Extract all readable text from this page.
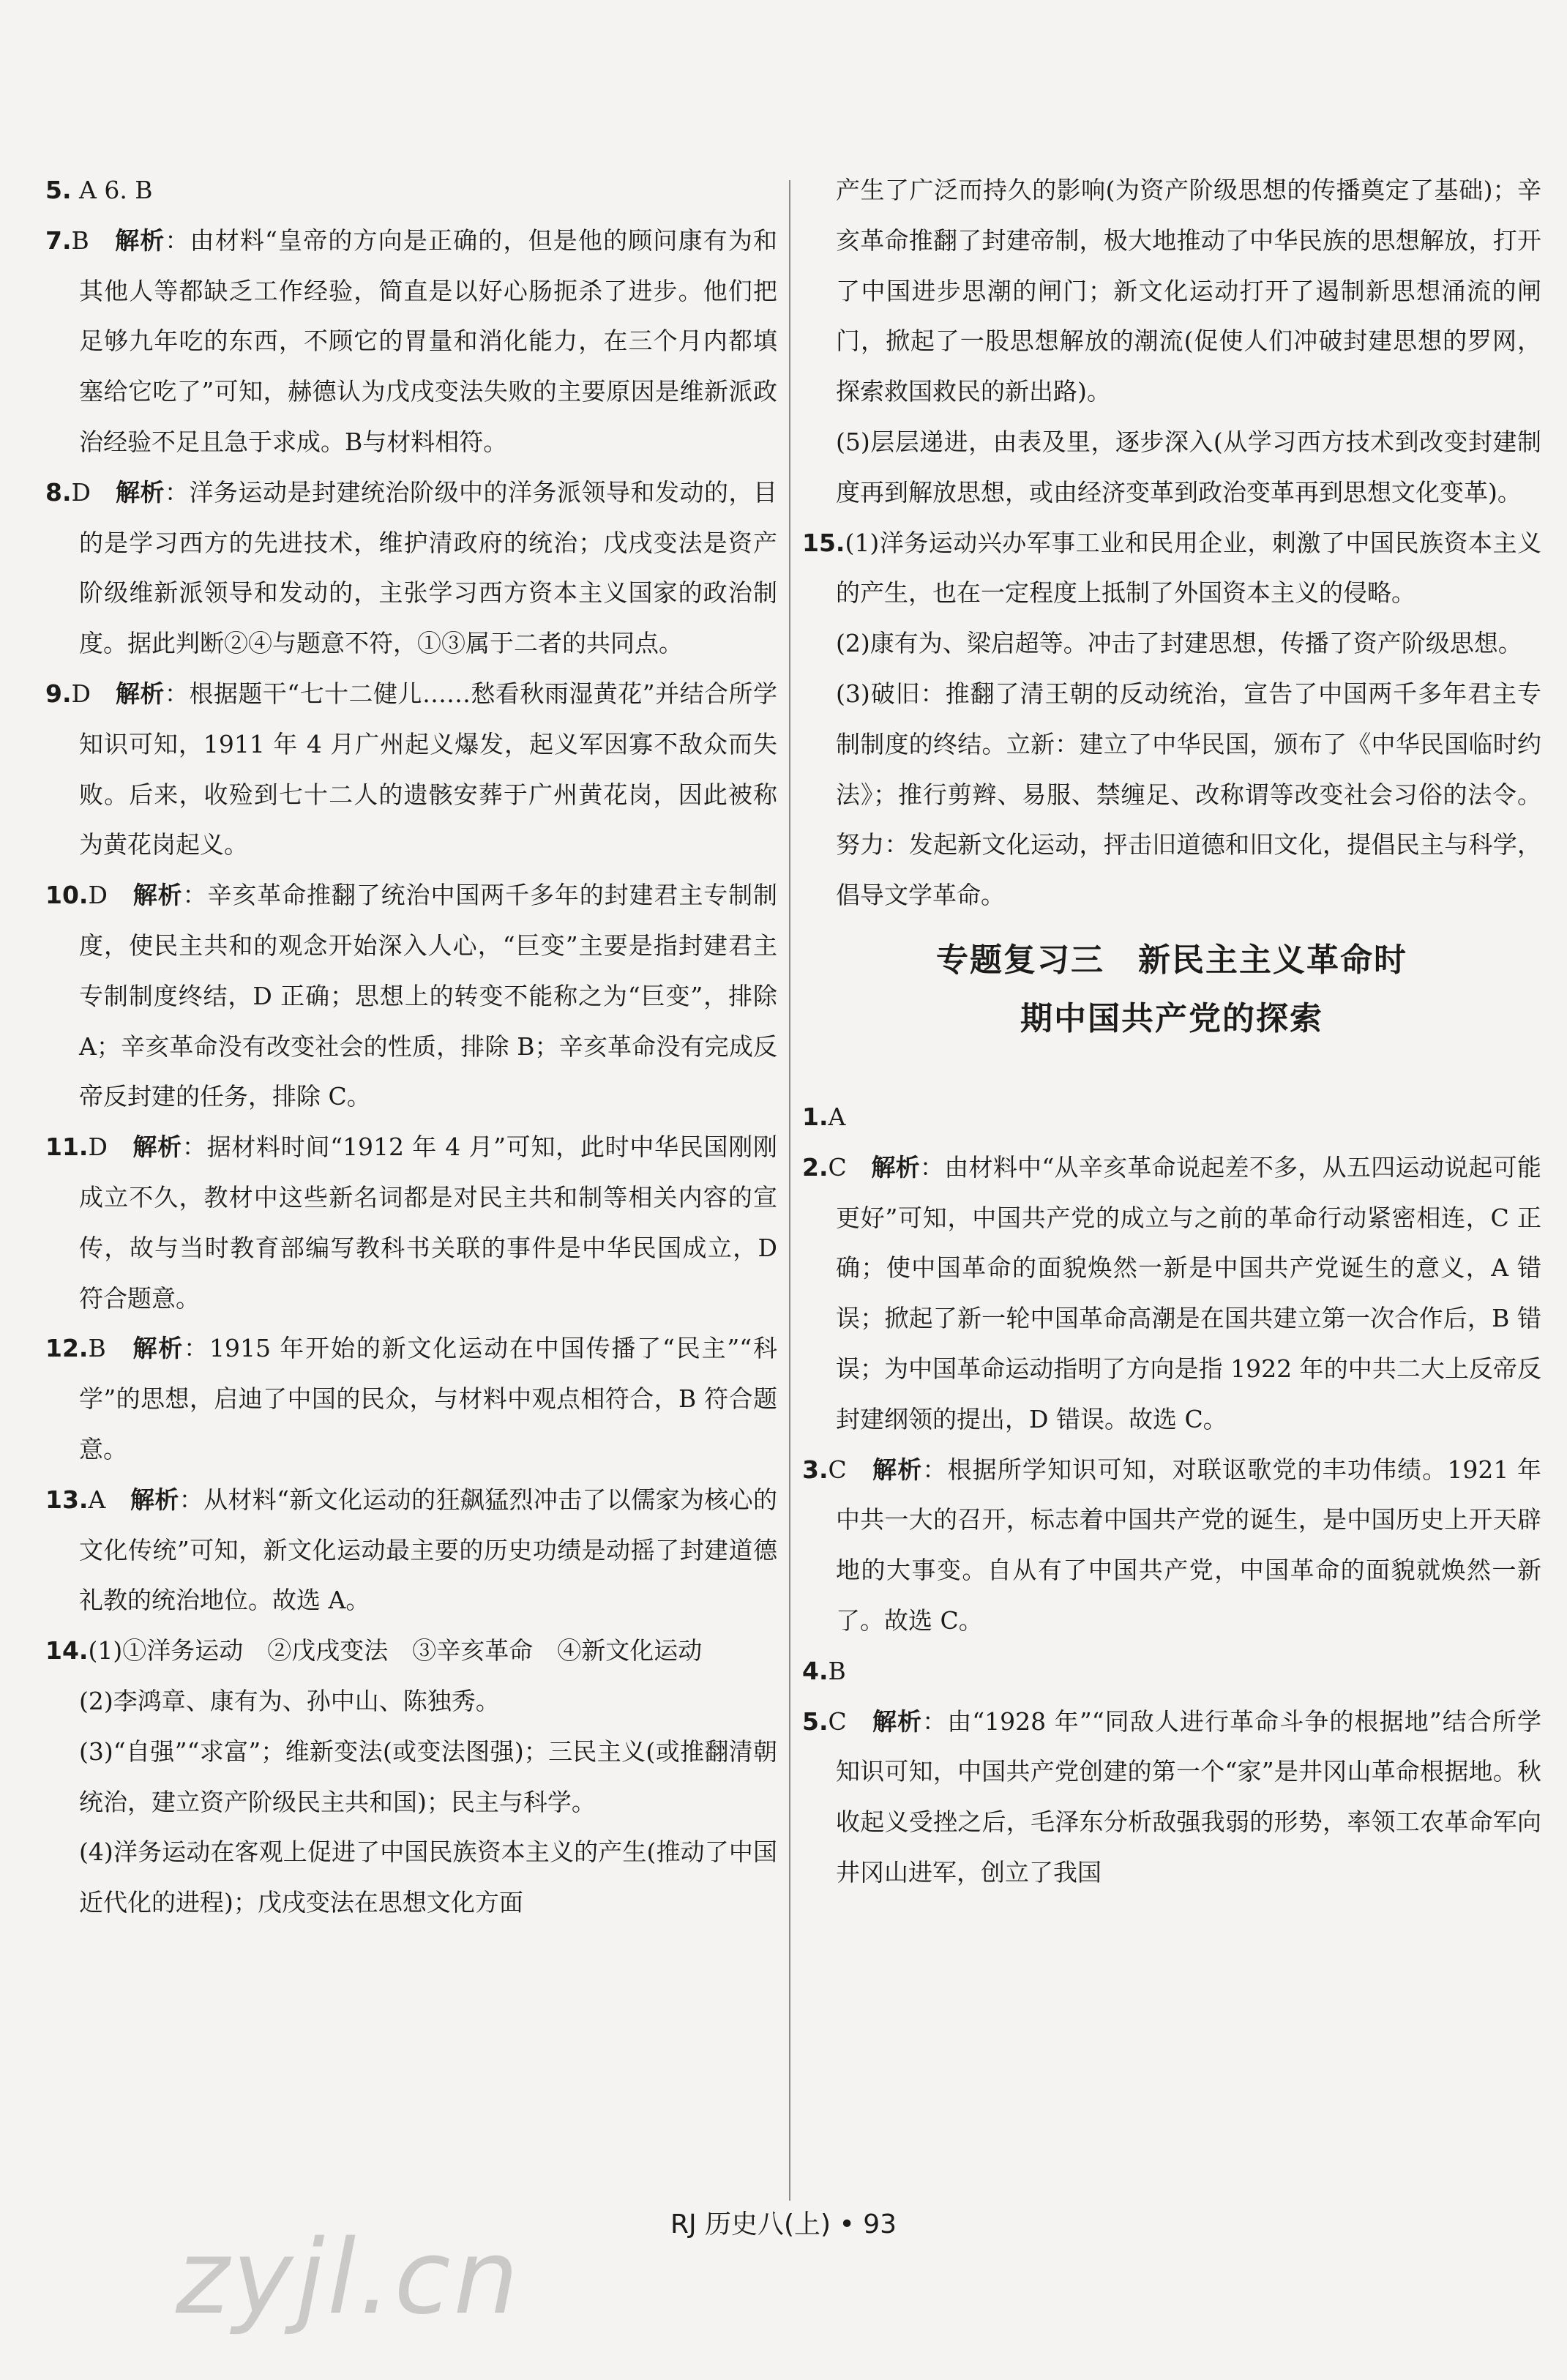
5. A 6. B

7.B　 解析：由材料“皇帝的方向是正确的，但是他的顾问康有为和其他人等都缺乏工作经验，简直是以好心肠扼杀了进步。他们把足够九年吃的东西，不顾它的胃量和消化能力，在三个月内都填塞给它吃了”可知，赫德认为戊戌变法失败的主要原因是维新派政治经验不足且急于求成。B与材料相符。

8.D　 解析：洋务运动是封建统治阶级中的洋务派领导和发动的，目的是学习西方的先进技术，维护清政府的统治；戊戌变法是资产阶级维新派领导和发动的，主张学习西方资本主义国家的政治制度。据此判断②④与题意不符，①③属于二者的共同点。

9.D　 解析：根据题干“七十二健儿……愁看秋雨湿黄花”并结合所学知识可知，1911 年 4 月广州起义爆发，起义军因寡不敌众而失败。后来，收殓到七十二人的遗骸安葬于广州黄花岗，因此被称为黄花岗起义。

10.D　 解析：辛亥革命推翻了统治中国两千多年的封建君主专制制度，使民主共和的观念开始深入人心，“巨变”主要是指封建君主专制制度终结，D 正确；思想上的转变不能称之为“巨变”，排除 A；辛亥革命没有改变社会的性质，排除 B；辛亥革命没有完成反帝反封建的任务，排除 C。

11.D　 解析：据材料时间“1912 年 4 月”可知，此时中华民国刚刚成立不久，教材中这些新名词都是对民主共和制等相关内容的宣传，故与当时教育部编写教科书关联的事件是中华民国成立，D 符合题意。

12.B　 解析：1915 年开始的新文化运动在中国传播了“民主”“科学”的思想，启迪了中国的民众，与材料中观点相符合，B 符合题意。

13.A　 解析：从材料“新文化运动的狂飙猛烈冲击了以儒家为核心的文化传统”可知，新文化运动最主要的历史功绩是动摇了封建道德礼教的统治地位。故选 A。

14.(1)①洋务运动　②戊戌变法　③辛亥革命　④新文化运动

(2)李鸿章、康有为、孙中山、陈独秀。

(3)“自强”“求富”；维新变法(或变法图强)；三民主义(或推翻清朝统治，建立资产阶级民主共和国)；民主与科学。

(4)洋务运动在客观上促进了中国民族资本主义的产生(推动了中国近代化的进程)；戊戌变法在思想文化方面

产生了广泛而持久的影响(为资产阶级思想的传播奠定了基础)；辛亥革命推翻了封建帝制，极大地推动了中华民族的思想解放，打开了中国进步思潮的闸门；新文化运动打开了遏制新思想涌流的闸门，掀起了一股思想解放的潮流(促使人们冲破封建思想的罗网，探索救国救民的新出路)。

(5)层层递进，由表及里，逐步深入(从学习西方技术到改变封建制度再到解放思想，或由经济变革到政治变革再到思想文化变革)。

15.(1)洋务运动兴办军事工业和民用企业，刺激了中国民族资本主义的产生，也在一定程度上抵制了外国资本主义的侵略。

(2)康有为、梁启超等。冲击了封建思想，传播了资产阶级思想。

(3)破旧：推翻了清王朝的反动统治，宣告了中国两千多年君主专制制度的终结。立新：建立了中华民国，颁布了《中华民国临时约法》；推行剪辫、易服、禁缠足、改称谓等改变社会习俗的法令。努力：发起新文化运动，抨击旧道德和旧文化，提倡民主与科学，倡导文学革命。

专题复习三　新民主主义革命时
期中国共产党的探索

1.A

2.C　 解析：由材料中“从辛亥革命说起差不多，从五四运动说起可能更好”可知，中国共产党的成立与之前的革命行动紧密相连，C 正确；使中国革命的面貌焕然一新是中国共产党诞生的意义，A 错误；掀起了新一轮中国革命高潮是在国共建立第一次合作后，B 错误；为中国革命运动指明了方向是指 1922 年的中共二大上反帝反封建纲领的提出，D 错误。故选 C。

3.C　 解析：根据所学知识可知，对联讴歌党的丰功伟绩。1921 年中共一大的召开，标志着中国共产党的诞生，是中国历史上开天辟地的大事变。自从有了中国共产党，中国革命的面貌就焕然一新了。故选 C。

4.B

5.C　 解析：由“1928 年”“同敌人进行革命斗争的根据地”结合所学知识可知，中国共产党创建的第一个“家”是井冈山革命根据地。秋收起义受挫之后，毛泽东分析敌强我弱的形势，率领工农革命军向井冈山进军，创立了我国

zyjl.cn	RJ 历史八(上) • 93
